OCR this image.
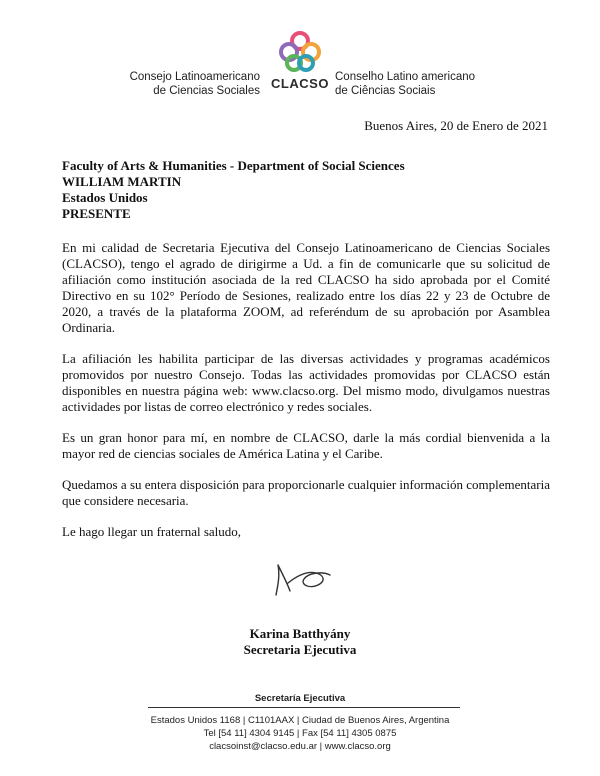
Consejo Latinoamericano
de Ciencias Sociales CLACSO Conselho Latino americano
de Ciências Sociais
Buenos Aires, 20 de Enero de 2021
Faculty of Arts & Humanities - Department of Social Sciences
WILLIAM MARTIN
Estados Unidos
PRESENTE

En mi calidad de Secretaria Ejecutiva del Consejo Latinoamericano de Ciencias Sociales (CLACSO), tengo el agrado de dirigirme a Ud. a fin de comunicarle que su solicitud de afiliación como institución asociada de la red CLACSO ha sido aprobada por el Comité Directivo en su 102° Período de Sesiones, realizado entre los días 22 y 23 de Octubre de 2020, a través de la plataforma ZOOM, ad referéndum de su aprobación por Asamblea Ordinaria.

La afiliación les habilita participar de las diversas actividades y programas académicos promovidos por nuestro Consejo. Todas las actividades promovidas por CLACSO están disponibles en nuestra página web: www.clacso.org. Del mismo modo, divulgamos nuestras actividades por listas de correo electrónico y redes sociales.

Es un gran honor para mí, en nombre de CLACSO, darle la más cordial bienvenida a la mayor red de ciencias sociales de América Latina y el Caribe.

Quedamos a su entera disposición para proporcionarle cualquier información complementaria que considere necesaria.

Le hago llegar un fraternal saludo,

Karina Batthyány
Secretaria Ejecutiva
Secretaría Ejecutiva
Estados Unidos 1168 | C1101AAX | Ciudad de Buenos Aires, Argentina
Tel [54 11] 4304 9145 | Fax [54 11] 4305 0875
clacsoinst@clacso.edu.ar | www.clacso.org
